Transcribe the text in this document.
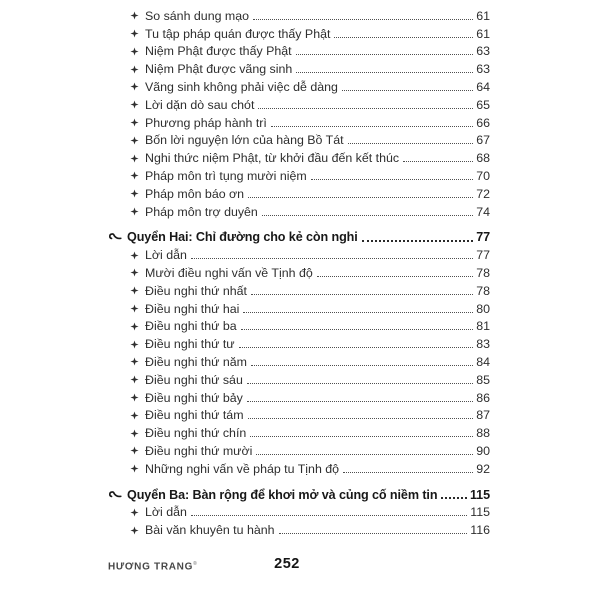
So sánh dung mạo	61
Tu tập pháp quán được thấy Phật	61
Niệm Phật được thấy Phật	63
Niệm Phật được vãng sinh	63
Vãng sinh không phải việc dễ dàng	64
Lời dặn dò sau chót	65
Phương pháp hành trì	66
Bốn lời nguyện lớn của hàng Bồ Tát	67
Nghi thức niệm Phật, từ khởi đầu đến kết thúc	68
Pháp môn trì tụng mười niệm	70
Pháp môn báo ơn	72
Pháp môn trợ duyên	74
Quyển Hai: Chỉ đường cho kẻ còn nghi	77
Lời dẫn	77
Mười điều nghi vấn về Tịnh độ	78
Điều nghi thứ nhất	78
Điều nghi thứ hai	80
Điều nghi thứ ba	81
Điều nghi thứ tư	83
Điều nghi thứ năm	84
Điều nghi thứ sáu	85
Điều nghi thứ bảy	86
Điều nghi thứ tám	87
Điều nghi thứ chín	88
Điều nghi thứ mười	90
Những nghi vấn về pháp tu Tịnh độ	92
Quyển Ba: Bàn rộng để khơi mở và củng cố niềm tin	115
Lời dẫn	115
Bài văn khuyên tu hành	116
HƯƠNG TRANG®	252
